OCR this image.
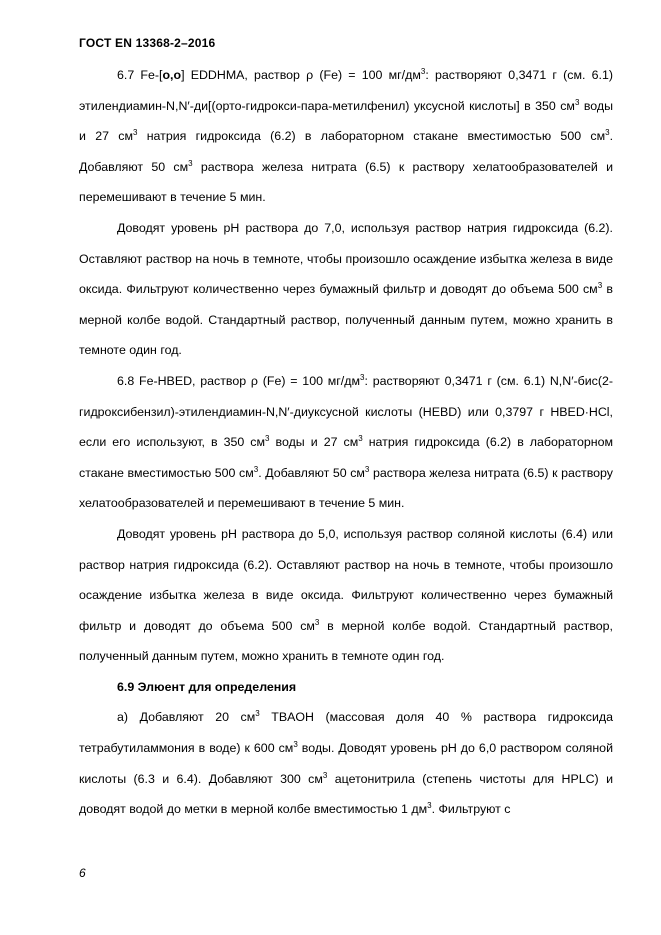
ГОСТ EN 13368-2–2016

6.7 Fe-[о,о] EDDHMA, раствор ρ (Fe) = 100 $мг/дм^3$: растворяют 0,3471 г (см. 6.1) этилендиамин-N,N′-ди[(орто-гидрокси-пара-метилфенил) уксусной кислоты] в 350 $см^3$ воды и 27 $см^3$ натрия гидроксида (6.2) в лабораторном стакане вместимостью 500 $см^3$. Добавляют 50 $см^3$ раствора железа нитрата (6.5) к раствору хелатообразователей и перемешивают в течение 5 мин.

Доводят уровень pH раствора до 7,0, используя раствор натрия гидроксида (6.2). Оставляют раствор на ночь в темноте, чтобы произошло осаждение избытка железа в виде оксида. Фильтруют количественно через бумажный фильтр и доводят до объема 500 $см^3$ в мерной колбе водой. Стандартный раствор, полученный данным путем, можно хранить в темноте один год.

6.8 Fe-HBED, раствор ρ (Fe) = 100 $мг/дм^3$: растворяют 0,3471 г (см. 6.1) N,N′-бис(2-гидроксибензил)-этилендиамин-N,N′-диуксусной кислоты (HEBD) или 0,3797 г HBED·HCl, если его используют, в 350 $см^3$ воды и 27 $см^3$ натрия гидроксида (6.2) в лабораторном стакане вместимостью 500 $см^3$. Добавляют 50 $см^3$ раствора железа нитрата (6.5) к раствору хелатообразователей и перемешивают в течение 5 мин.

Доводят уровень pH раствора до 5,0, используя раствор соляной кислоты (6.4) или раствор натрия гидроксида (6.2). Оставляют раствор на ночь в темноте, чтобы произошло осаждение избытка железа в виде оксида. Фильтруют количественно через бумажный фильтр и доводят до объема 500 $см^3$ в мерной колбе водой. Стандартный раствор, полученный данным путем, можно хранить в темноте один год.

6.9 Элюент для определения

а) Добавляют 20 $см^3$ TBAOH (массовая доля 40 % раствора гидроксида тетрабутиламмония в воде) к 600 $см^3$ воды. Доводят уровень pH до 6,0 раствором соляной кислоты (6.3 и 6.4). Добавляют 300 $см^3$ ацетонитрила (степень чистоты для HPLC) и доводят водой до метки в мерной колбе вместимостью 1 $дм^3$. Фильтруют с

6
